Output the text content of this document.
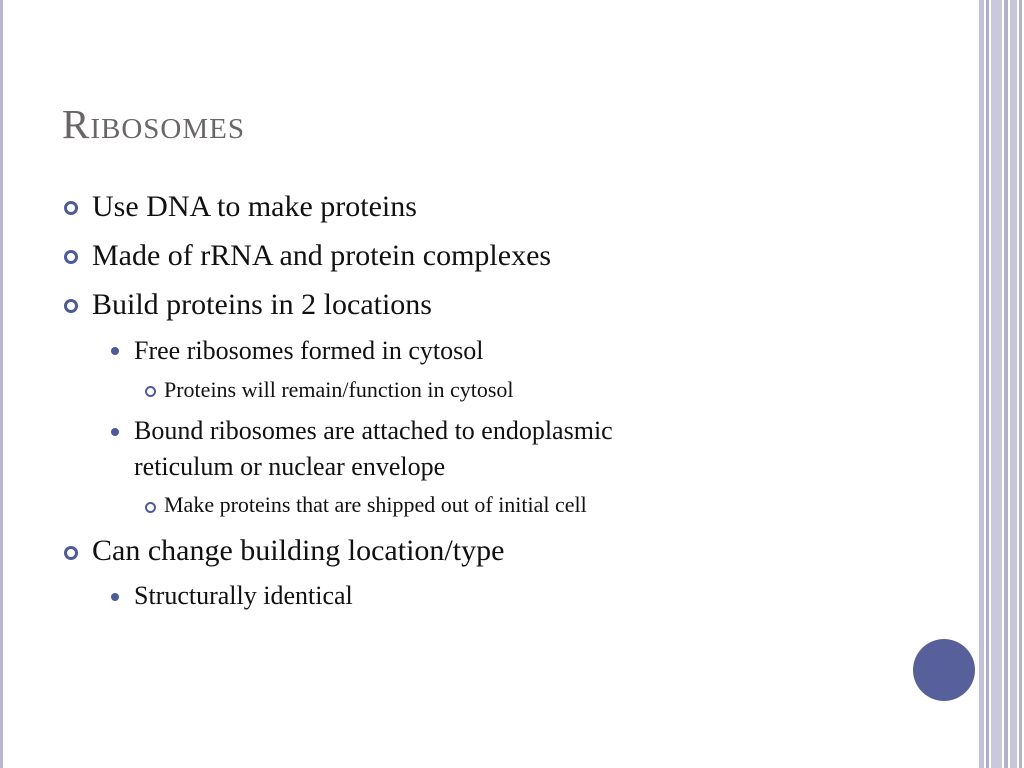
Ribosomes
Use DNA to make proteins
Made of rRNA and protein complexes
Build proteins in 2 locations
Free ribosomes formed in cytosol
Proteins will remain/function in cytosol
Bound ribosomes are attached to endoplasmic
reticulum or nuclear envelope
Make proteins that are shipped out of initial cell
Can change building location/type
Structurally identical
